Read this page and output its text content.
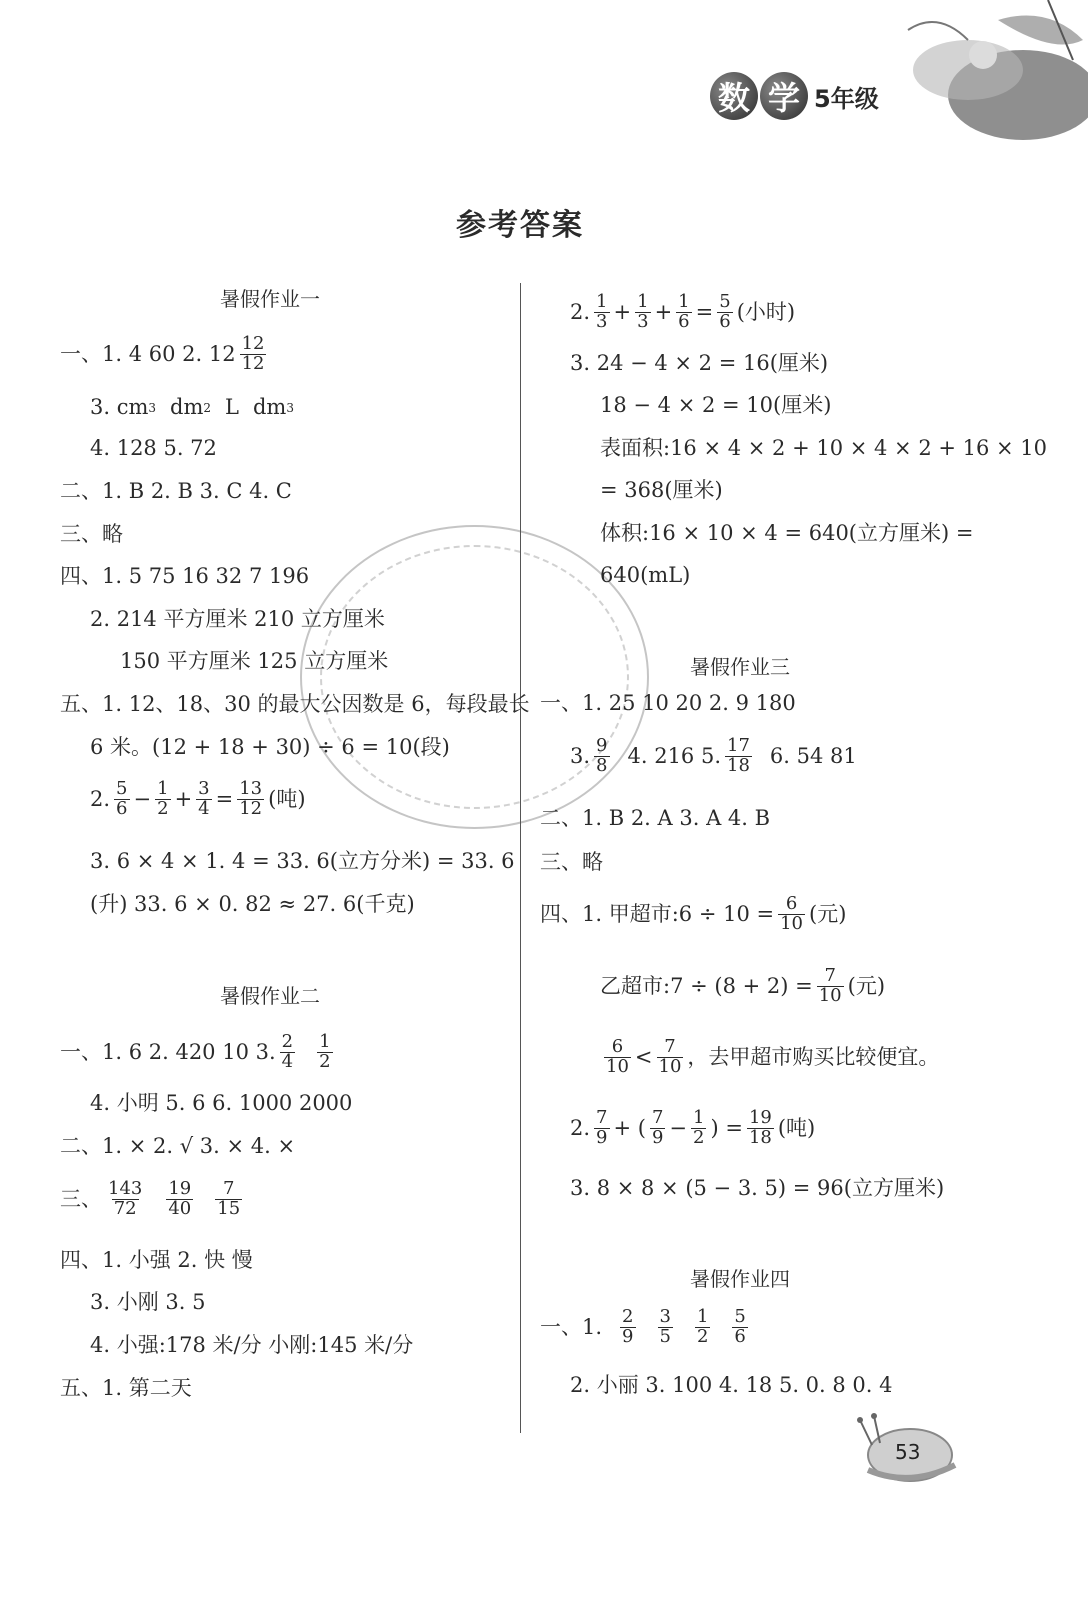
数 学 5年级
参考答案
暑假作业一
一、1. 4 60 2. $12 \frac{12}{12}$
3. cm 3 dm 2 L dm 3
4. 128 5. 72
二、1. B 2. B 3. C 4. C
三、略
四、1. 5 75 16 32 7 196
2. 214 平方厘米 210 立方厘米
150 平方厘米 125 立方厘米
五、1. 12、18、30 的最大公因数是 6，每段最长
6 米。(12 + 18 + 30) ÷ 6 = 10(段)
2. $\frac{5}{6} - \frac{1}{2} + \frac{3}{4} = \frac{13}{12}$ (吨)
3. 6 × 4 × 1. 4 = 33. 6(立方分米) = 33. 6
(升) 33. 6 × 0. 82 ≈ 27. 6(千克)
暑假作业二
一、1. 6 2. 420 10 3. $\frac{2}{4} \frac{1}{2}$
4. 小明 5. 6 6. 1000 2000
二、1. × 2. √ 3. × 4. ×
三、 $\frac{143}{72} \frac{19}{40} \frac{7}{15}$
四、1. 小强 2. 快 慢
3. 小刚 3. 5
4. 小强:178 米/分 小刚:145 米/分
五、1. 第二天
2. $\frac{1}{3} + \frac{1}{3} + \frac{1}{6} = \frac{5}{6}$ (小时)
3. 24 − 4 × 2 = 16(厘米)
18 − 4 × 2 = 10(厘米)
表面积:16 × 4 × 2 + 10 × 4 × 2 + 16 × 10
= 368(厘米)
体积:16 × 10 × 4 = 640(立方厘米) =
640(mL)
暑假作业三
一、1. 25 10 20 2. 9 180
3. $\frac{9}{8} 4$. 216 5. $\frac{17}{18} 6$. 54 81
二、1. B 2. A 3. A 4. B
三、略
四、1. 甲超市:6 ÷ $10 = \frac{6}{10}$ (元)
乙超市:7 ÷ $(8 + 2) = \frac{7}{10}$ (元)
$\frac{6}{10} < \frac{7}{10}$ ，去甲超市购买比较便宜。
2. $\frac{7}{9}$ + ( $\frac{7}{9} - \frac{1}{2}$ ) = $\frac{19}{18}$ (吨)
3. 8 × 8 × (5 − 3. 5) = 96(立方厘米)
暑假作业四
一、1. $\frac{2}{9} \frac{3}{5} \frac{1}{2} \frac{5}{6}$
2. 小丽 3. 100 4. 18 5. 0. 8 0. 4
53
